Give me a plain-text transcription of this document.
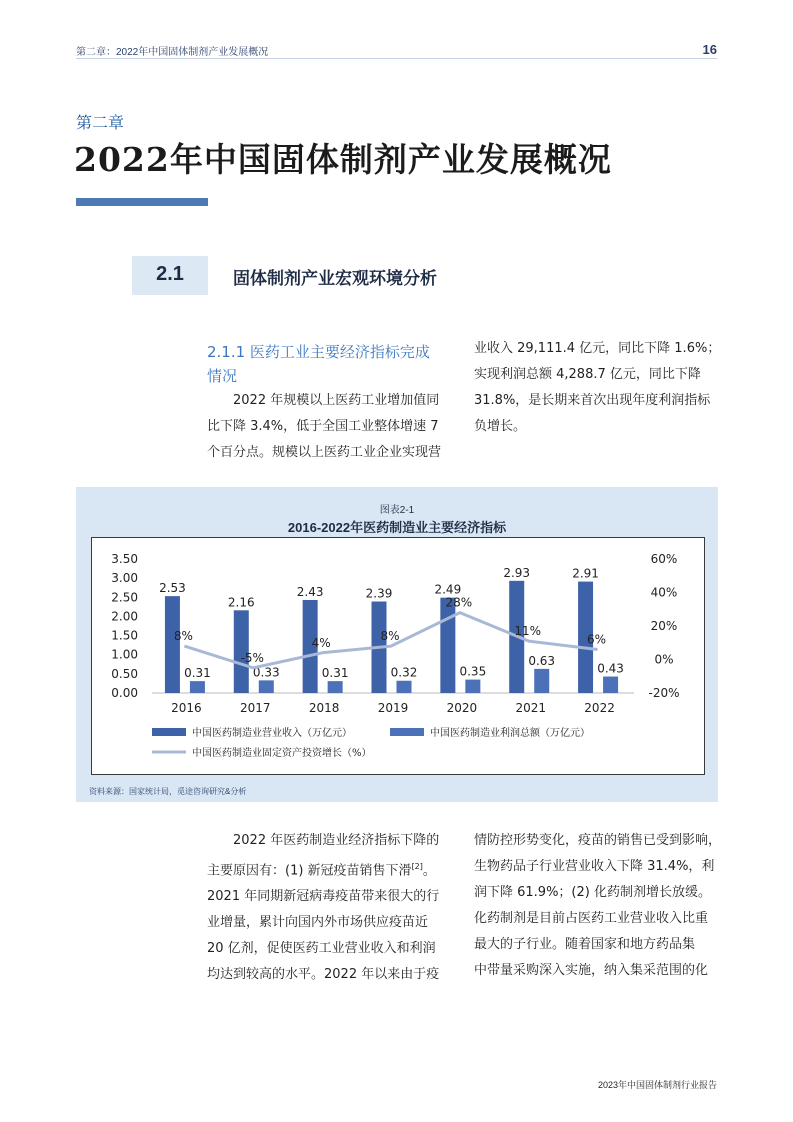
第二章：2022年中国固体制剂产业发展概况	16
第二章
2022年中国固体制剂产业发展概况
2.1	固体制剂产业宏观环境分析

2.1.1 医药工业主要经济指标完成
情况

2022 年规模以上医药工业增加值同

比下降 3.4%，低于全国工业整体增速 7

个百分点。规模以上医药工业企业实现营

业收入 29,111.4 亿元，同比下降 1.6%；

实现利润总额 4,288.7 亿元，同比下降

31.8%，是长期来首次出现年度利润指标

负增长。

图表2-1
2016-2022年医药制造业主要经济指标
3.50
3.00
2.50
2.00
1.50
1.00
0.50
0.00
60%
40%
20%
0%
-20%
2.53
0.31
2016
2.16
0.33
2017
2.43
0.31
2018
2.39
0.32
2019
2.49
0.35
2020
2.93
0.63
2021
2.91
0.43
2022
8%
-5%
4%	8%
28%
11%
6%
中国医药制造业营业收入（万亿元）	中国医药制造业利润总额（万亿元）
中国医药制造业固定资产投资增长（%）
资料来源：国家统计局，觅途咨询研究&分析

2022 年医药制造业经济指标下降的

主要原因有：(1) 新冠疫苗销售下滑[2]。

2021 年同期新冠病毒疫苗带来很大的行

业增量，累计向国内外市场供应疫苗近

20 亿剂，促使医药工业营业收入和利润

均达到较高的水平。2022 年以来由于疫

情防控形势变化，疫苗的销售已受到影响，

生物药品子行业营业收入下降 31.4%，利

润下降 61.9%；(2) 化药制剂增长放缓。

化药制剂是目前占医药工业营业收入比重

最大的子行业。随着国家和地方药品集

中带量采购深入实施，纳入集采范围的化

2023年中国固体制剂行业报告
